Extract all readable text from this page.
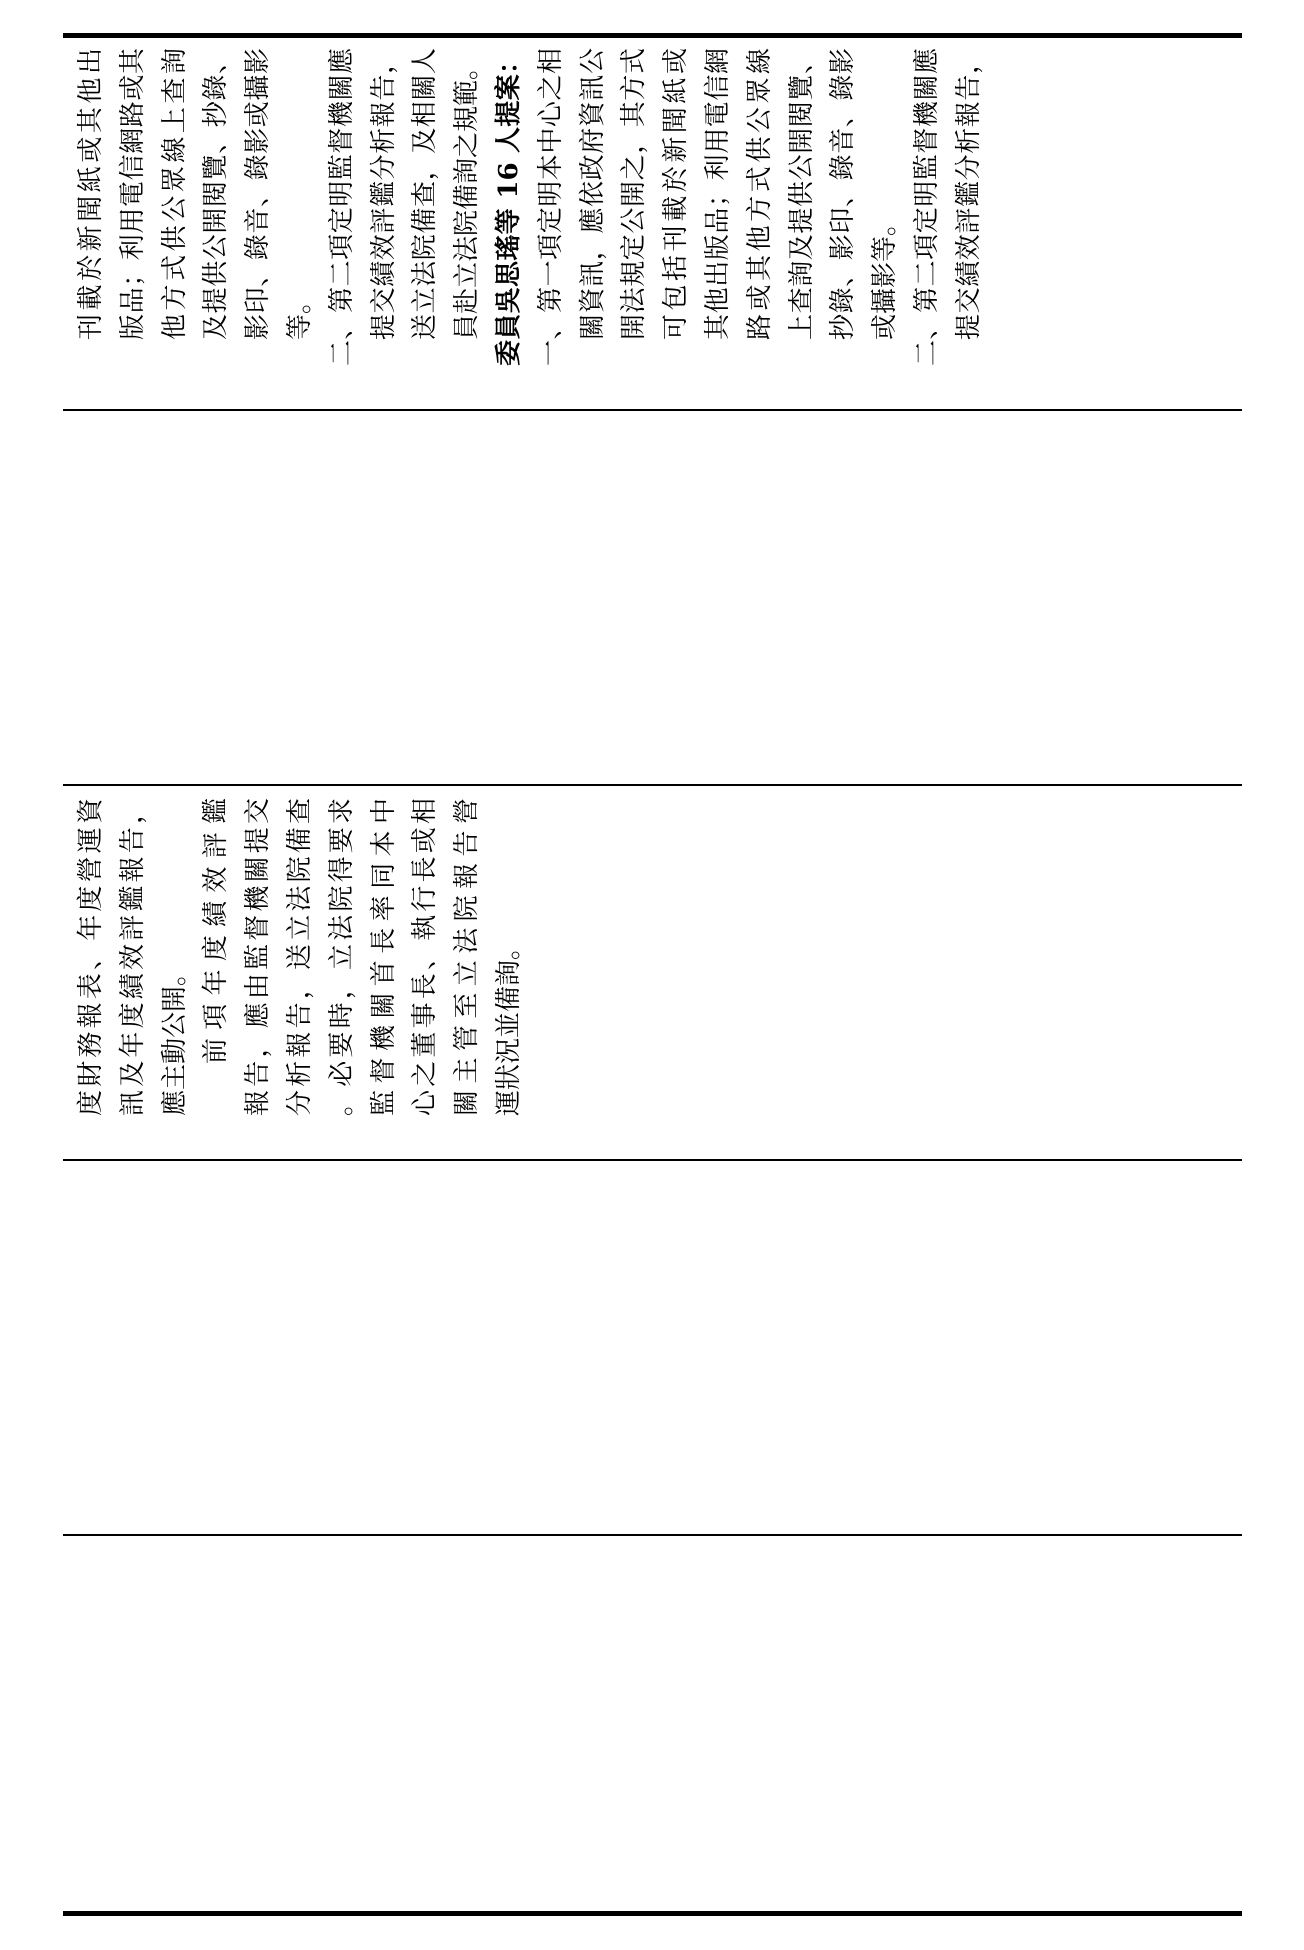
度財務報表、年度營運資 訊及年度績效評鑑報告， 應主動公開。 前項年度績效評鑑 報告，應由監督機關提交 分析報告，送立法院備查 。必要時，立法院得要求 監督機關首長率同本中 心之董事長、執行長或相 關主管至立法院報告營 運狀況並備詢。
刊載於新聞紙或其他出 版品；利用電信網路或其 他方式供公眾線上查詢 及提供公開閱覽、抄錄、 影印、錄音、錄影或攝影 等。 二、第二項定明監督機關應 提交績效評鑑分析報告， 送立法院備查，及相關人 員赴立法院備詢之規範。 委員吳思瑤等 16 人提案： 一、第一項定明本中心之相 關資訊，應依政府資訊公 開法規定公開之，其方式 可包括刊載於新聞紙或 其他出版品；利用電信網 路或其他方式供公眾線 上查詢及提供公開閱覽、 抄錄、影印、錄音、錄影 或攝影等。 二、第二項定明監督機關應 提交績效評鑑分析報告，
